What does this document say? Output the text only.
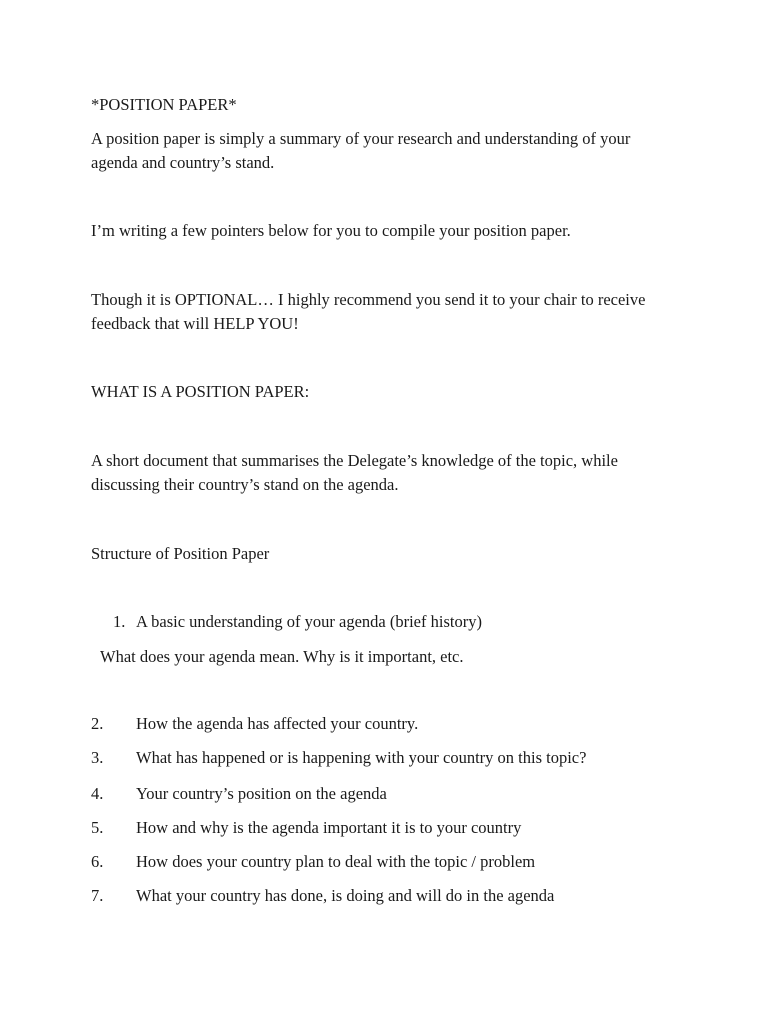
*POSITION PAPER*

A position paper is simply a summary of your research and understanding of your agenda and country’s stand.

I’m writing a few pointers below for you to compile your position paper.

Though it is OPTIONAL… I highly recommend you send it to your chair to receive feedback that will HELP YOU!

WHAT IS A POSITION PAPER:

A short document that summarises the Delegate’s knowledge of the topic, while discussing their country’s stand on the agenda.

Structure of Position Paper

1. A basic understanding of your agenda (brief history)

What does your agenda mean. Why is it important, etc.

2. How the agenda has affected your country.
3. What has happened or is happening with your country on this topic?
4. Your country’s position on the agenda
5. How and why is the agenda important it is to your country
6. How does your country plan to deal with the topic / problem
7. What your country has done, is doing and will do in the agenda
